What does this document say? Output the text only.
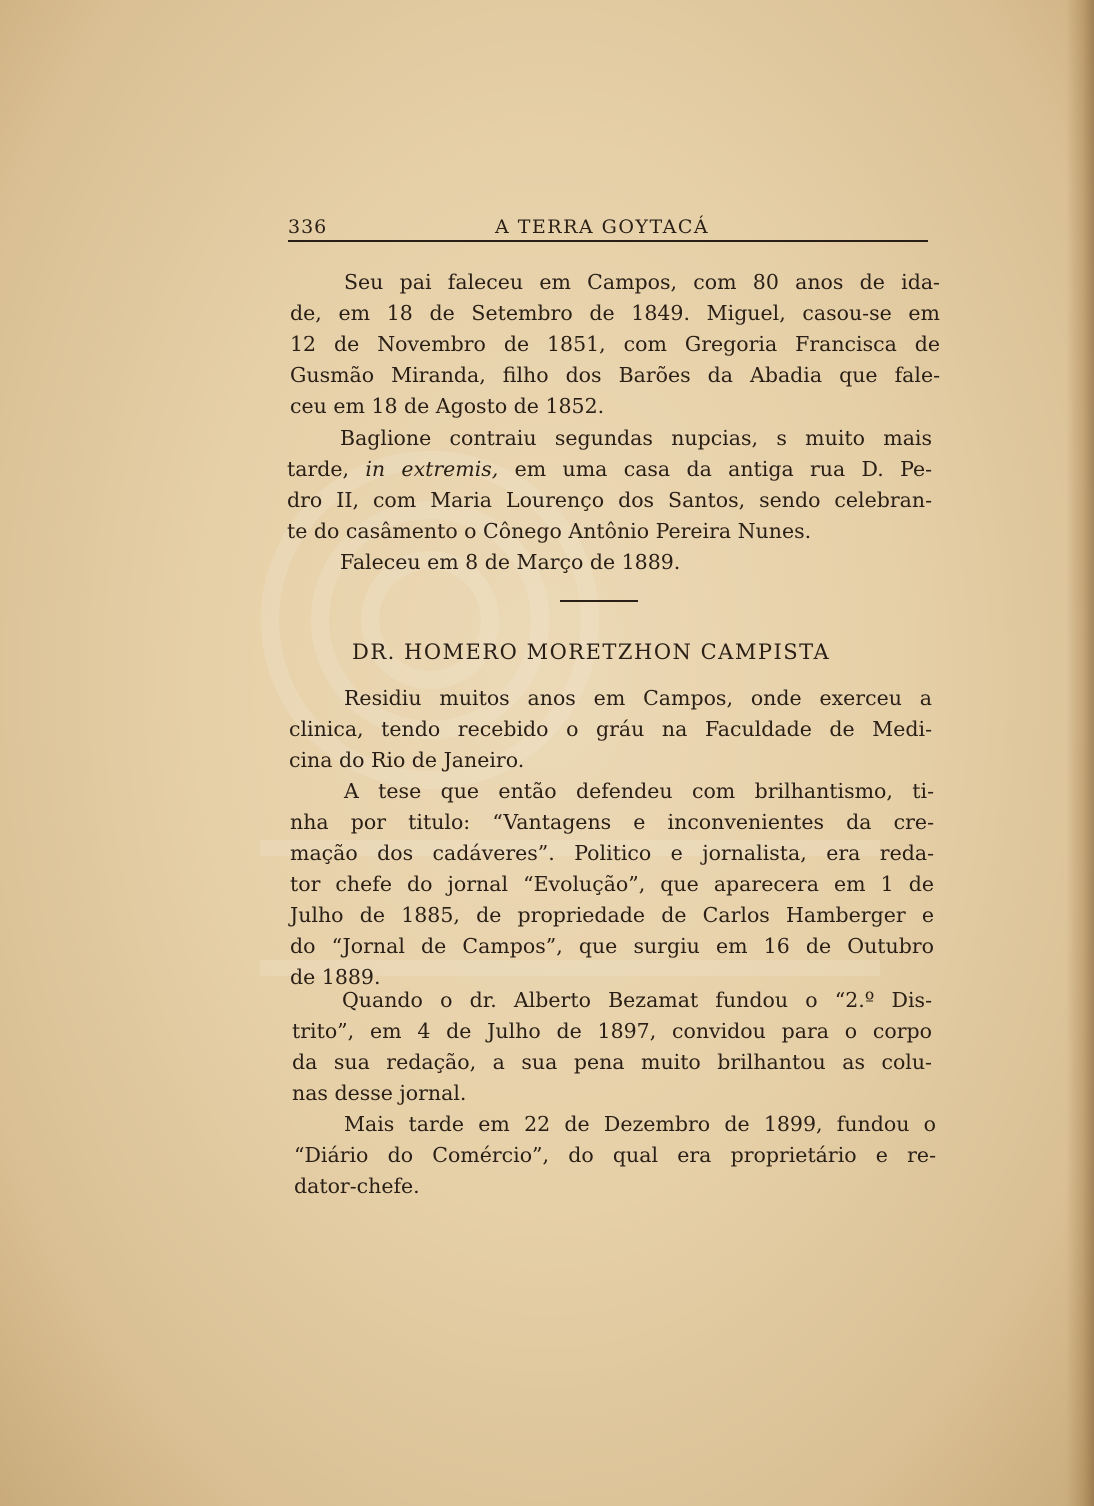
336	A TERRA GOYTACÁ
Seu pai faleceu em Campos, com 80 anos de ida-
de, em 18 de Setembro de 1849. Miguel, casou-se em
12 de Novembro de 1851, com Gregoria Francisca de
Gusmão Miranda, filho dos Barões da Abadia que fale-
ceu em 18 de Agosto de 1852.
Baglione contraiu segundas nupcias, s muito mais
tarde, in extremis, em uma casa da antiga rua D. Pe-
dro II, com Maria Lourenço dos Santos, sendo celebran-
te do casâmento o Cônego Antônio Pereira Nunes.
Faleceu em 8 de Março de 1889.
DR. HOMERO MORETZHON CAMPISTA
Residiu muitos anos em Campos, onde exerceu a
clinica, tendo recebido o gráu na Faculdade de Medi-
cina do Rio de Janeiro.
A tese que então defendeu com brilhantismo, ti-
nha por titulo: “Vantagens e inconvenientes da cre-
mação dos cadáveres”. Politico e jornalista, era reda-
tor chefe do jornal “Evolução”, que aparecera em 1 de
Julho de 1885, de propriedade de Carlos Hamberger e
do “Jornal de Campos”, que surgiu em 16 de Outubro
de 1889.
Quando o dr. Alberto Bezamat fundou o “2.º Dis-
trito”, em 4 de Julho de 1897, convidou para o corpo
da sua redação, a sua pena muito brilhantou as colu-
nas desse jornal.
Mais tarde em 22 de Dezembro de 1899, fundou o
“Diário do Comércio”, do qual era proprietário e re-
dator-chefe.
